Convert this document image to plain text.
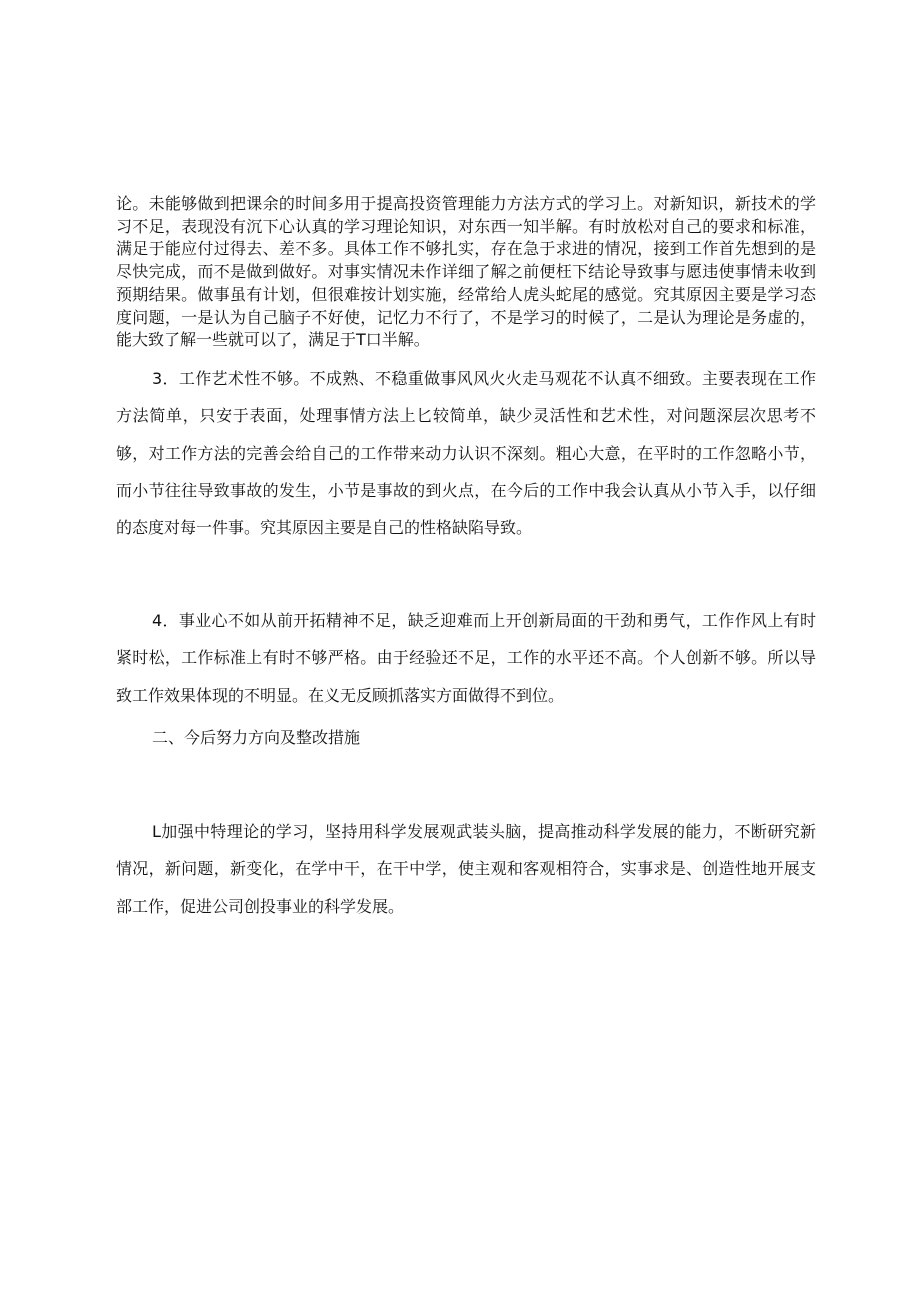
论。未能够做到把课余的时间多用于提高投资管理能力方法方式的学习上。对新知识，新技术的学习不足，表现没有沉下心认真的学习理论知识，对东西一知半解。有时放松对自己的要求和标准，满足于能应付过得去、差不多。具体工作不够扎实，存在急于求进的情况，接到工作首先想到的是尽快完成，而不是做到做好。对事实情况未作详细了解之前便枉下结论导致事与愿违使事情未收到预期结果。做事虽有计划，但很难按计划实施，经常给人虎头蛇尾的感觉。究其原因主要是学习态度问题，一是认为自己脑子不好使，记忆力不行了，不是学习的时候了，二是认为理论是务虚的，能大致了解一些就可以了，满足于T口半解。

3．工作艺术性不够。不成熟、不稳重做事风风火火走马观花不认真不细致。主要表现在工作方法简单，只安于表面，处理事情方法上匕较简单，缺少灵活性和艺术性，对问题深层次思考不够，对工作方法的完善会给自己的工作带来动力认识不深刻。粗心大意，在平时的工作忽略小节，而小节往往导致事故的发生，小节是事故的到火点，在今后的工作中我会认真从小节入手，以仔细的态度对每一件事。究其原因主要是自己的性格缺陷导致。

4．事业心不如从前开拓精神不足，缺乏迎难而上开创新局面的干劲和勇气，工作作风上有时紧时松，工作标准上有时不够严格。由于经验还不足，工作的水平还不高。个人创新不够。所以导致工作效果体现的不明显。在义无反顾抓落实方面做得不到位。

二、今后努力方向及整改措施

L加强中特理论的学习，坚持用科学发展观武装头脑，提高推动科学发展的能力，不断研究新情况，新问题，新变化，在学中干，在干中学，使主观和客观相符合，实事求是、创造性地开展支部工作，促进公司创投事业的科学发展。
